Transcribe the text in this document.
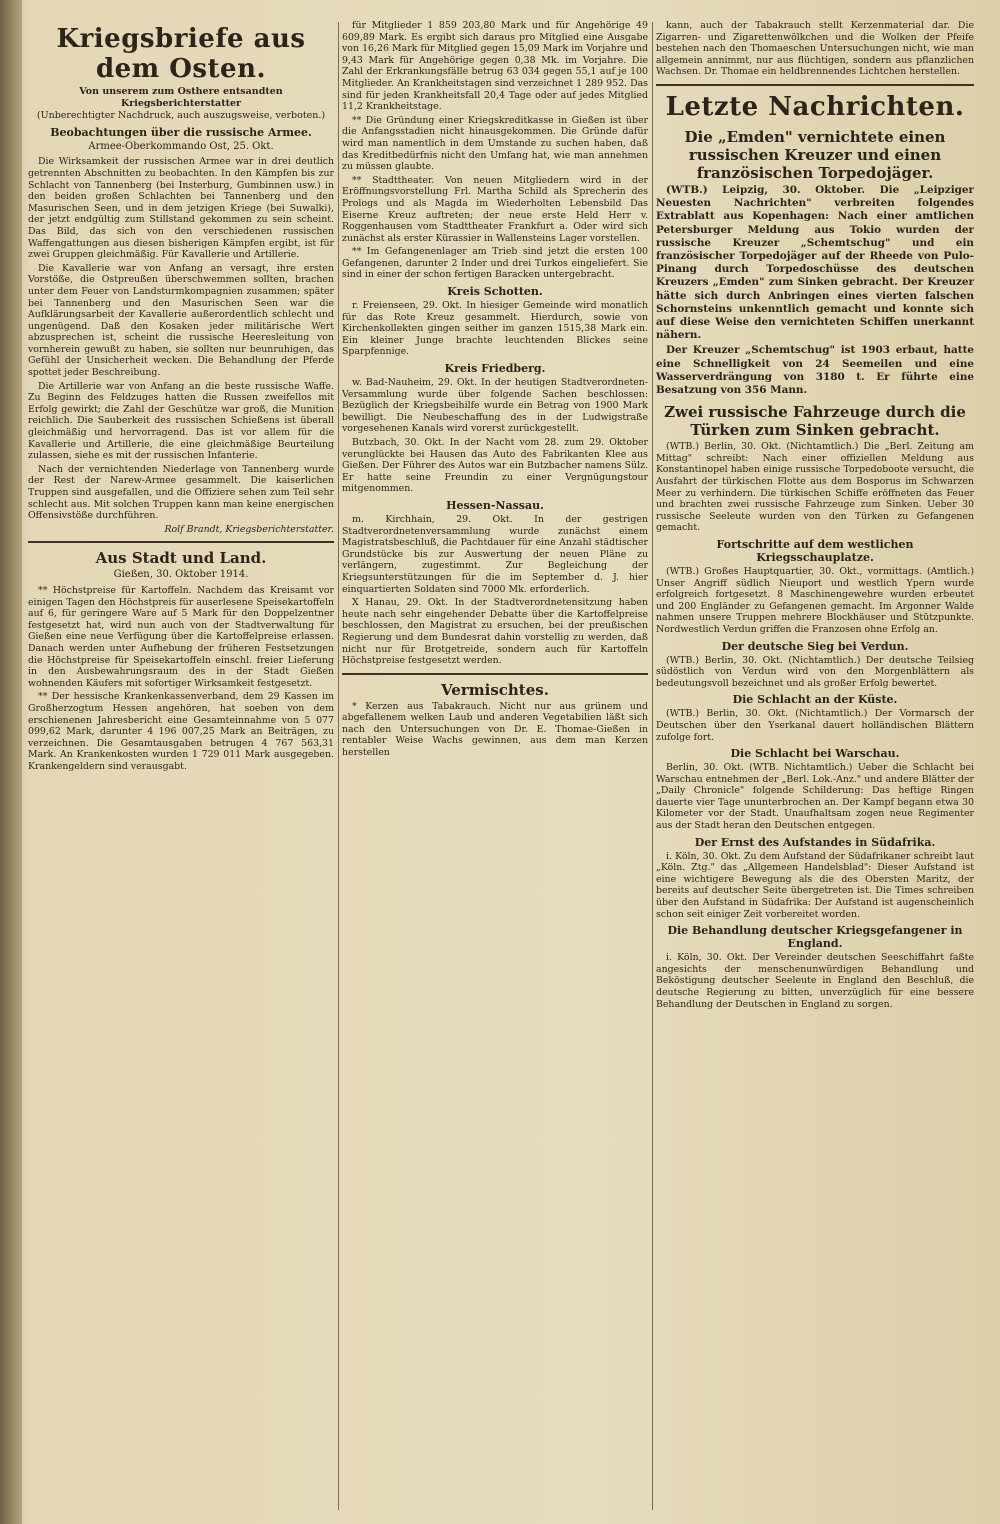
Kriegsbriefe aus dem Osten.
Von unserem zum Osthere entsandten Kriegsberichterstatter
(Unberechtigter Nachdruck, auch auszugsweise, verboten.)
Beobachtungen über die russische Armee.
Armee-Oberkommando Ost, 25. Okt.

Die Wirksamkeit der russischen Armee war in drei deutlich getrennten Abschnitten zu beobachten. In den Kämpfen bis zur Schlacht von Tannenberg (bei Insterburg, Gumbinnen usw.) in den beiden großen Schlachten bei Tannenberg und den Masurischen Seen, und in dem jetzigen Kriege (bei Suwalki), der jetzt endgültig zum Stillstand gekommen zu sein scheint. Das Bild, das sich von den verschiedenen russischen Waffengattungen aus diesen bisherigen Kämpfen ergibt, ist für zwei Gruppen gleichmäßig. Für Kavallerie und Artillerie.

Die Kavallerie war von Anfang an versagt, ihre ersten Vorstöße, die Ostpreußen überschwemmen sollten, brachen unter dem Feuer von Landsturmkompagnien zusammen; später bei Tannenberg und den Masurischen Seen war die Aufklärungsarbeit der Kavallerie außerordentlich schlecht und ungenügend. Daß den Kosaken jeder militärische Wert abzusprechen ist, scheint die russische Heeresleitung von vornherein gewußt zu haben, sie sollten nur beunruhigen, das Gefühl der Unsicherheit wecken. Die Behandlung der Pferde spottet jeder Beschreibung.

Die Artillerie war von Anfang an die beste russische Waffe. Zu Beginn des Feldzuges hatten die Russen zweifellos mit Erfolg gewirkt; die Zahl der Geschütze war groß, die Munition reichlich. Die Sauberkeit des russischen Schießens ist überall gleichmäßig und hervorragend. Das ist vor allem für die Kavallerie und Artillerie, die eine gleichmäßige Beurteilung zulassen, siehe es mit der russischen Infanterie.

Nach der vernichtenden Niederlage von Tannenberg wurde der Rest der Narew-Armee gesammelt. Die kaiserlichen Truppen sind ausgefallen, und die Offiziere sehen zum Teil sehr schlecht aus. Mit solchen Truppen kann man keine energischen Offensivstöße durchführen.

Rolf Brandt, Kriegsberichterstatter.
Aus Stadt und Land.
Gießen, 30. Oktober 1914.

** Höchstpreise für Kartoffeln. Nachdem das Kreisamt vor einigen Tagen den Höchstpreis für auserlesene Speisekartoffeln auf 6, für geringere Ware auf 5 Mark für den Doppelzentner festgesetzt hat, wird nun auch von der Stadtverwaltung für Gießen eine neue Verfügung über die Kartoffelpreise erlassen. Danach werden unter Aufhebung der früheren Festsetzungen die Höchstpreise für Speisekartoffeln einschl. freier Lieferung in den Ausbewahrungsraum des in der Stadt Gießen wohnenden Käufers mit sofortiger Wirksamkeit festgesetzt.

** Der hessische Krankenkassenverband, dem 29 Kassen im Großherzogtum Hessen angehören, hat soeben von dem erschienenen Jahresbericht eine Gesamteinnahme von 5 077 099,62 Mark, darunter 4 196 007,25 Mark an Beiträgen, zu verzeichnen. Die Gesamtausgaben betrugen 4 767 563,31 Mark. An Krankenkosten wurden 1 729 011 Mark ausgegeben. Krankengeldern sind verausgabt.

für Mitglieder 1 859 203,80 Mark und für Angehörige 49 609,89 Mark. Es ergibt sich daraus pro Mitglied eine Ausgabe von 16,26 Mark für Mitglied gegen 15,09 Mark im Vorjahre und 9,43 Mark für Angehörige gegen 0,38 Mk. im Vorjahre. Die Zahl der Erkrankungsfälle betrug 63 034 gegen 55,1 auf je 100 Mitglieder. An Krankheitstagen sind verzeichnet 1 289 952. Das sind für jeden Krankheitsfall 20,4 Tage oder auf jedes Mitglied 11,2 Krankheitstage.

** Die Gründung einer Kriegskreditkasse in Gießen ist über die Anfangsstadien nicht hinausgekommen. Die Gründe dafür wird man namentlich in dem Umstande zu suchen haben, daß das Kreditbedürfnis nicht den Umfang hat, wie man annehmen zu müssen glaubte.

** Stadttheater. Von neuen Mitgliedern wird in der Eröffnungsvorstellung Frl. Martha Schild als Sprecherin des Prologs und als Magda im Wiederholten Lebensbild Das Eiserne Kreuz auftreten; der neue erste Held Herr v. Roggenhausen vom Stadttheater Frankfurt a. Oder wird sich zunächst als erster Kürassier in Wallensteins Lager vorstellen.

** Im Gefangenenlager am Trieb sind jetzt die ersten 100 Gefangenen, darunter 2 Inder und drei Turkos eingeliefert. Sie sind in einer der schon fertigen Baracken untergebracht.

Kreis Schotten.

r. Freienseen, 29. Okt. In hiesiger Gemeinde wird monatlich für das Rote Kreuz gesammelt. Hierdurch, sowie von Kirchenkollekten gingen seither im ganzen 1515,38 Mark ein. Ein kleiner Junge brachte leuchtenden Blickes seine Sparpfennige.

Kreis Friedberg.

w. Bad-Nauheim, 29. Okt. In der heutigen Stadtverordneten-Versammlung wurde über folgende Sachen beschlossen: Bezüglich der Kriegsbeihilfe wurde ein Betrag von 1900 Mark bewilligt. Die Neubeschaffung des in der Ludwigstraße vorgesehenen Kanals wird vorerst zurückgestellt.

Butzbach, 30. Okt. In der Nacht vom 28. zum 29. Oktober verunglückte bei Hausen das Auto des Fabrikanten Klee aus Gießen. Der Führer des Autos war ein Butzbacher namens Sülz. Er hatte seine Freundin zu einer Vergnügungstour mitgenommen.

Hessen-Nassau.

m. Kirchhain, 29. Okt. In der gestrigen Stadtverordnetenversammlung wurde zunächst einem Magistratsbeschluß, die Pachtdauer für eine Anzahl städtischer Grundstücke bis zur Auswertung der neuen Pläne zu verlängern, zugestimmt. Zur Begleichung der Kriegsunterstützungen für die im September d. J. hier einquartierten Soldaten sind 7000 Mk. erforderlich.

X Hanau, 29. Okt. In der Stadtverordnetensitzung haben heute nach sehr eingehender Debatte über die Kartoffelpreise beschlossen, den Magistrat zu ersuchen, bei der preußischen Regierung und dem Bundesrat dahin vorstellig zu werden, daß nicht nur für Brotgetreide, sondern auch für Kartoffeln Höchstpreise festgesetzt werden.

Vermischtes.

* Kerzen aus Tabakrauch. Nicht nur aus grünem und abgefallenem welken Laub und anderen Vegetabilien läßt sich nach den Untersuchungen von Dr. E. Thomae-Gießen in rentabler Weise Wachs gewinnen, aus dem man Kerzen herstellen

kann, auch der Tabakrauch stellt Kerzenmaterial dar. Die Zigarren- und Zigarettenwölkchen und die Wolken der Pfeife bestehen nach den Thomaeschen Untersuchungen nicht, wie man allgemein annimmt, nur aus flüchtigen, sondern aus pflanzlichen Wachsen. Dr. Thomae ein heldbrennendes Lichtchen herstellen.

Letzte Nachrichten.
Die „Emden" vernichtete einen russischen Kreuzer und einen französischen Torpedojäger.

(WTB.) Leipzig, 30. Oktober. Die „Leipziger Neuesten Nachrichten" verbreiten folgendes Extrablatt aus Kopenhagen: Nach einer amtlichen Petersburger Meldung aus Tokio wurden der russische Kreuzer „Schemtschug" und ein französischer Torpedojäger auf der Rheede von Pulo-Pinang durch Torpedoschüsse des deutschen Kreuzers „Emden" zum Sinken gebracht. Der Kreuzer hätte sich durch Anbringen eines vierten falschen Schornsteins unkenntlich gemacht und konnte sich auf diese Weise den vernichteten Schiffen unerkannt nähern.

Der Kreuzer „Schemtschug" ist 1903 erbaut, hatte eine Schnelligkeit von 24 Seemeilen und eine Wasserverdrängung von 3180 t. Er führte eine Besatzung von 356 Mann.

Zwei russische Fahrzeuge durch die Türken zum Sinken gebracht.

(WTB.) Berlin, 30. Okt. (Nichtamtlich.) Die „Berl. Zeitung am Mittag" schreibt: Nach einer offiziellen Meldung aus Konstantinopel haben einige russische Torpedoboote versucht, die Ausfahrt der türkischen Flotte aus dem Bosporus im Schwarzen Meer zu verhindern. Die türkischen Schiffe eröffneten das Feuer und brachten zwei russische Fahrzeuge zum Sinken. Ueber 30 russische Seeleute wurden von den Türken zu Gefangenen gemacht.

Fortschritte auf dem westlichen Kriegsschauplatze.

(WTB.) Großes Hauptquartier, 30. Okt., vormittags. (Amtlich.) Unser Angriff südlich Nieuport und westlich Ypern wurde erfolgreich fortgesetzt. 8 Maschinengewehre wurden erbeutet und 200 Engländer zu Gefangenen gemacht. Im Argonner Walde nahmen unsere Truppen mehrere Blockhäuser und Stützpunkte. Nordwestlich Verdun griffen die Franzosen ohne Erfolg an.

Der deutsche Sieg bei Verdun.

(WTB.) Berlin, 30. Okt. (Nichtamtlich.) Der deutsche Teilsieg südöstlich von Verdun wird von den Morgenblättern als bedeutungsvoll bezeichnet und als großer Erfolg bewertet.

Die Schlacht an der Küste.

(WTB.) Berlin, 30. Okt. (Nichtamtlich.) Der Vormarsch der Deutschen über den Yserkanal dauert holländischen Blättern zufolge fort.

Die Schlacht bei Warschau.

Berlin, 30. Okt. (WTB. Nichtamtlich.) Ueber die Schlacht bei Warschau entnehmen der „Berl. Lok.-Anz." und andere Blätter der „Daily Chronicle" folgende Schilderung: Das heftige Ringen dauerte vier Tage ununterbrochen an. Der Kampf begann etwa 30 Kilometer vor der Stadt. Unaufhaltsam zogen neue Regimenter aus der Stadt heran den Deutschen entgegen.

Der Ernst des Aufstandes in Südafrika.

i. Köln, 30. Okt. Zu dem Aufstand der Südafrikaner schreibt laut „Köln. Ztg." das „Allgemeen Handelsblad": Dieser Aufstand ist eine wichtigere Bewegung als die des Obersten Maritz, der bereits auf deutscher Seite übergetreten ist. Die Times schreiben über den Aufstand in Südafrika: Der Aufstand ist augenscheinlich schon seit einiger Zeit vorbereitet worden.

Die Behandlung deutscher Kriegsgefangener in England.

i. Köln, 30. Okt. Der Vereinder deutschen Seeschiffahrt faßte angesichts der menschenunwürdigen Behandlung und Beköstigung deutscher Seeleute in England den Beschluß, die deutsche Regierung zu bitten, unverzüglich für eine bessere Behandlung der Deutschen in England zu sorgen.
